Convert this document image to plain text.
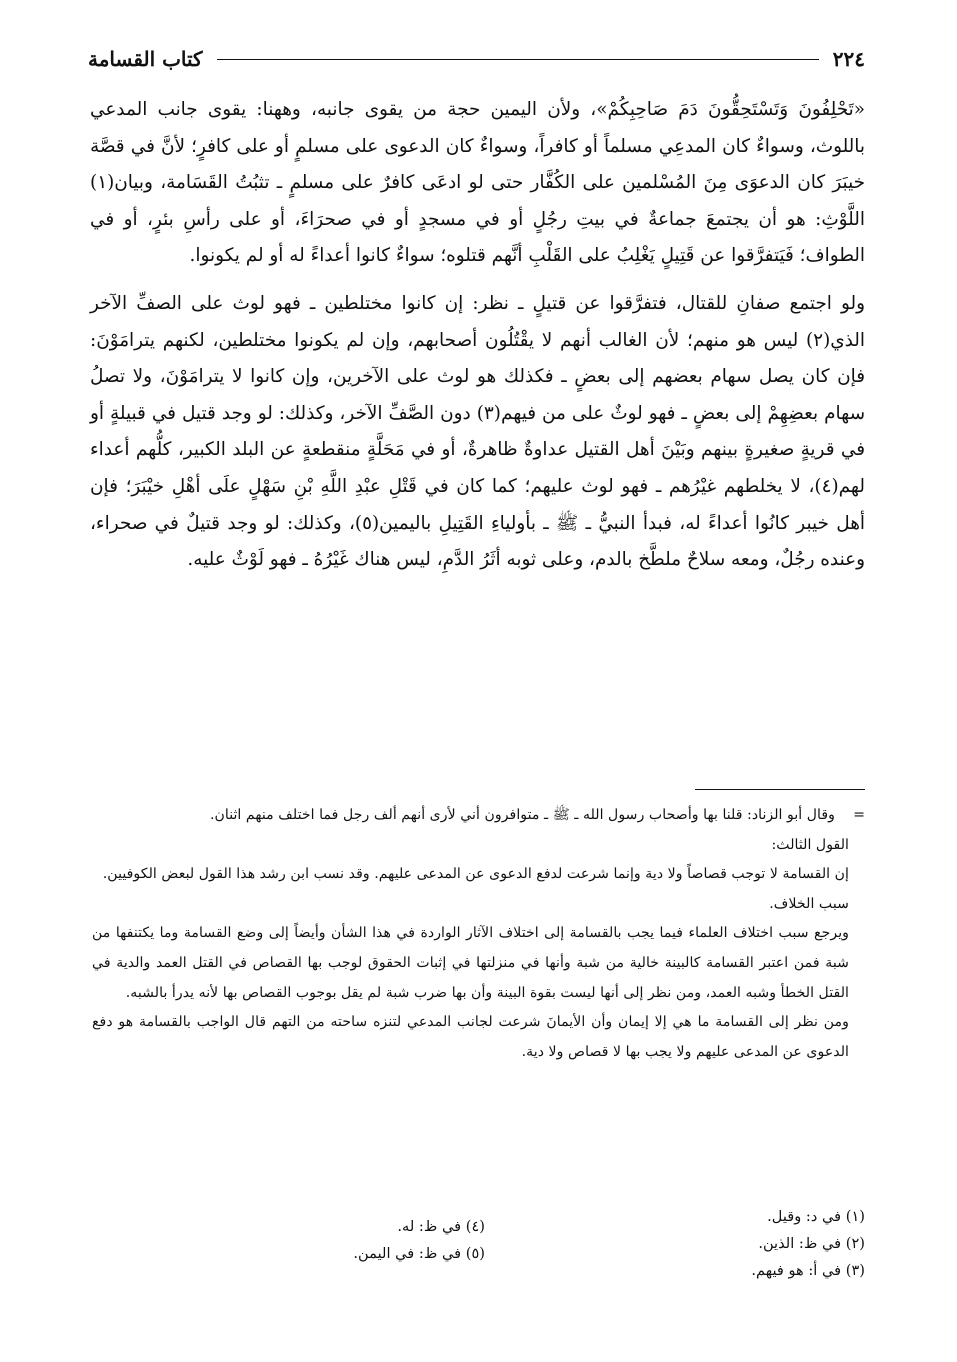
٢٢٤
كتاب القسامة

«تَحْلِفُونَ وَتَسْتَحِقُّونَ دَمَ صَاحِبِكُمْ»، ولأن اليمين حجة من يقوى جانبه، وههنا: يقوى جانب المدعي باللوث، وسواءٌ كان المدعِي مسلماً أو كافراً، وسواءٌ كان الدعوى على مسلمٍ أو على كافرٍ؛ لأنَّ في قصَّة خيبَرَ كان الدعوَى مِنَ المُسْلمين على الكُفَّار حتى لو ادعَى كافرٌ على مسلمٍ ـ تثبُتُ القَسَامة، وبيان(١) اللَّوْثِ: هو أن يجتمعَ جماعةٌ في بيتِ رجُلٍ أو في مسجدٍ أو في صحرَاءَ، أو على رأسِ بئرٍ، أو في الطواف؛ فَيَتفرَّقوا عن قَتِيلٍ يَغْلِبُ على القَلْبِ أنَّهم قتلوه؛ سواءٌ كانوا أعداءً له أو لم يكونوا.

ولو اجتمع صفانِ للقتال، فتفرَّقوا عن قتيلٍ ـ نظر: إن كانوا مختلطين ـ فهو لوث على الصفِّ الآخر الذي(٢) ليس هو منهم؛ لأن الغالب أنهم لا يقْتُلُون أصحابهم، وإن لم يكونوا مختلطين، لكنهم يترامَوْنَ: فإن كان يصل سهام بعضهم إلى بعضٍ ـ فكذلك هو لوث على الآخرين، وإن كانوا لا يترامَوْنَ، ولا تصلُ سهام بعضِهِمْ إلى بعضٍ ـ فهو لوثٌ على من فيهم(٣) دون الصَّفِّ الآخر، وكذلك: لو وجد قتيل في قبيلةٍ أو في قريةٍ صغيرةٍ بينهم وبَيْنَ أهل القتيل عداوةٌ ظاهرةٌ، أو في مَحَلَّةٍ منقطعةٍ عن البلد الكبير، كلُّهم أعداء لهم(٤)، لا يخلطهم غيْرُهم ـ فهو لوث عليهم؛ كما كان في قَتْلِ عبْدِ اللَّهِ بْنِ سَهْلٍ علَى أهْلِ خيْبَرَ؛ فإن أهل خيبر كانُوا أعداءً له، فبدأ النبيُّ ـ ﷺ ـ بأولياءِ القَتِيلِ باليمين(٥)، وكذلك: لو وجد قتيلٌ في صحراء، وعنده رجُلٌ، ومعه سلاحٌ ملطَّخ بالدم، وعلى ثوبه أثَرُ الدَّمِ، ليس هناك غَيْرُهُ ـ فهو لَوْثٌ عليه.

=
وقال أبو الزناد: قلنا بها وأصحاب رسول الله ـ ﷺ ـ متوافرون أني لأرى أنهم ألف رجل فما اختلف منهم اثنان.

القول الثالث:

إن القسامة لا توجب قصاصاً ولا دية وإنما شرعت لدفع الدعوى عن المدعى عليهم. وقد نسب ابن رشد هذا القول لبعض الكوفيين.

سبب الخلاف.

ويرجع سبب اختلاف العلماء فيما يجب بالقسامة إلى اختلاف الآثار الواردة في هذا الشأن وأيضاً إلى وضع القسامة وما يكتنفها من شبة فمن اعتبر القسامة كالبينة خالية من شبة وأنها في منزلتها في إثبات الحقوق لوجب بها القصاص في القتل العمد والدية في القتل الخطأ وشبه العمد، ومن نظر إلى أنها ليست بقوة البينة وأن بها ضرب شبة لم يقل بوجوب القصاص بها لأنه يدرأ بالشبه.

ومن نظر إلى القسامة ما هي إلا إيمان وأن الأيمانَ شرعت لجانب المدعي لتنزه ساحته من التهم قال الواجب بالقسامة هو دفع الدعوى عن المدعى عليهم ولا يجب بها لا قصاص ولا دية.

(١) في د: وقيل.
(٢) في ظ: الذين.
(٣) في أ: هو فيهم.
(٤) في ظ: له.
(٥) في ظ: في اليمن.
